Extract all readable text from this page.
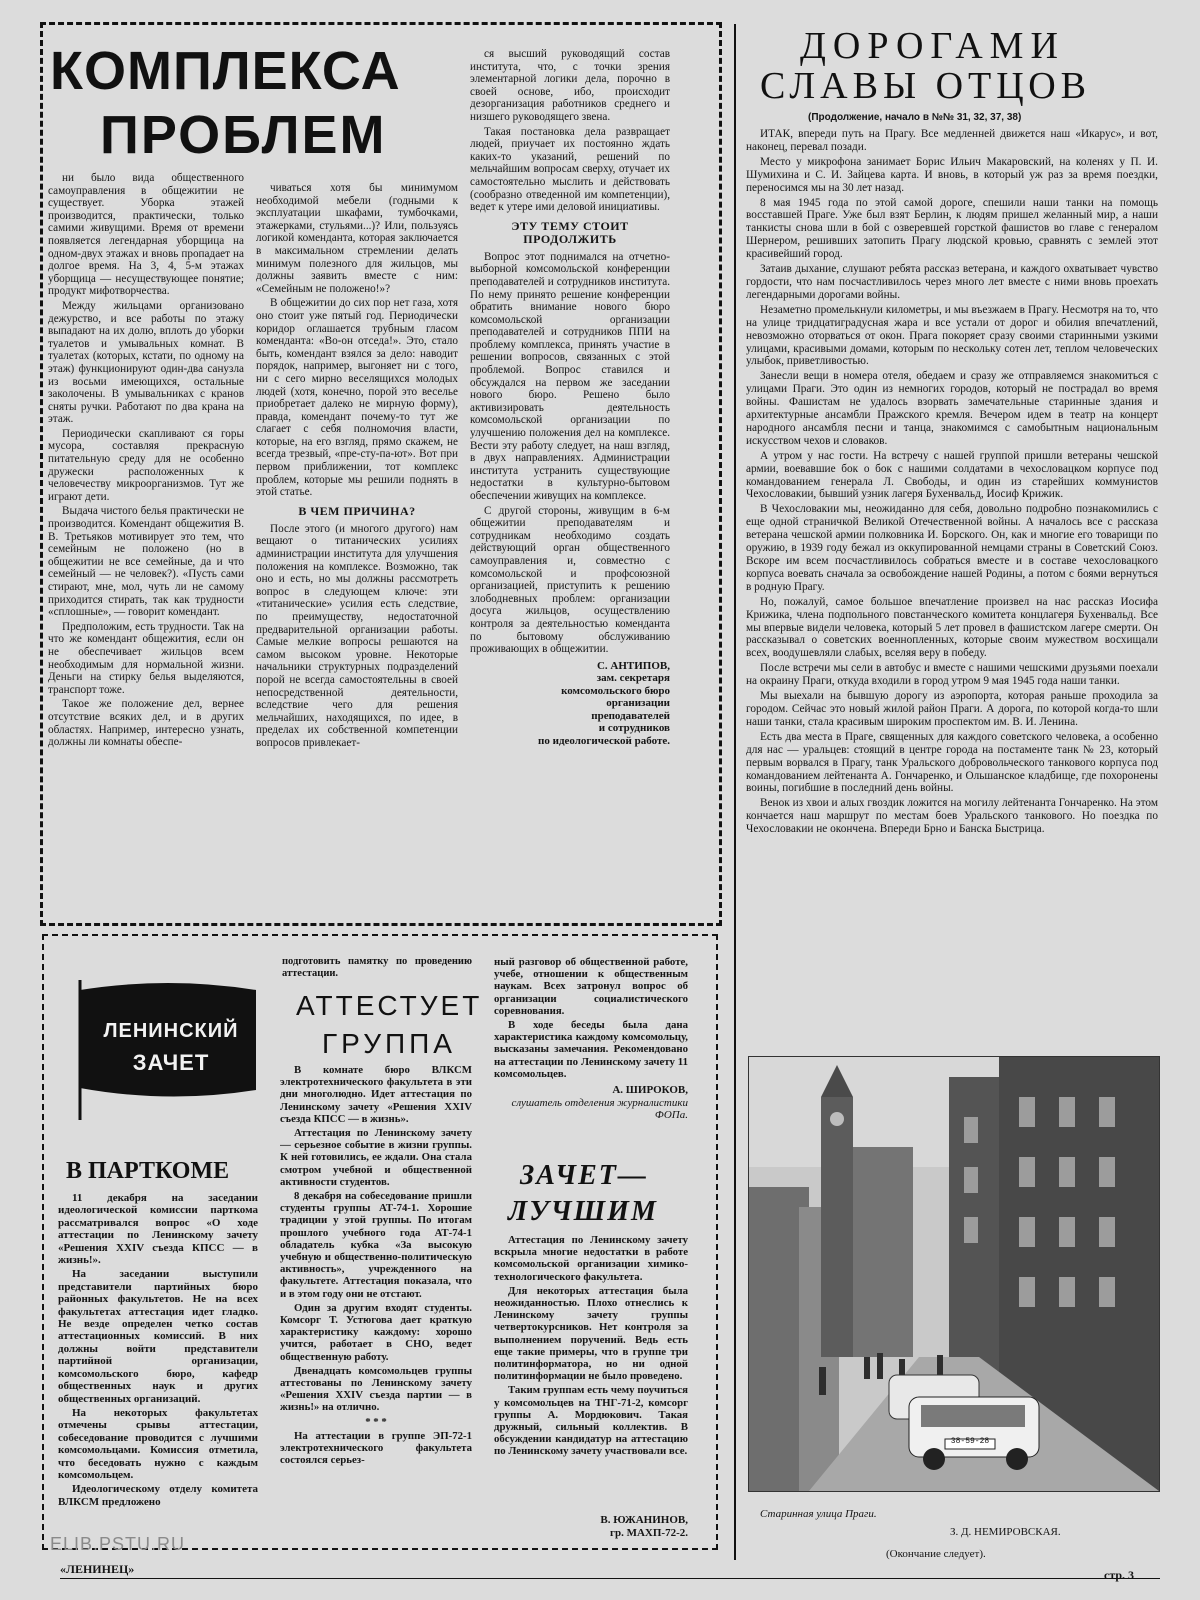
КОМПЛЕКСА
ПРОБЛЕМ

ни было вида общественного самоуправления в общежитии не существует. Уборка этажей производится, практически, только самими живущими. Время от времени появляется легендарная уборщица на одном-двух этажах и вновь пропадает на долгое время. На 3, 4, 5-м этажах уборщица — несуществующее понятие; продукт мифотворчества.

Между жильцами организовано дежурство, и все работы по этажу выпадают на их долю, вплоть до уборки туалетов и умывальных комнат. В туалетах (которых, кстати, по одному на этаж) функционируют один-два санузла из восьми имеющихся, остальные заколочены. В умывальниках с кранов сняты ручки. Работают по два крана на этаж.

Периодически скапливают ся горы мусора, составляя прекрасную питательную среду для не особенно дружески расположенных к человечеству микроорганизмов. Тут же играют дети.

Выдача чистого белья практически не производится. Комендант общежития В. В. Третьяков мотивирует это тем, что семейным не положено (но в общежитии не все семейные, да и что семейный — не человек?). «Пусть сами стирают, мне, мол, чуть ли не самому приходится стирать, так как трудности «сплошные», — говорит комендант.

Предположим, есть трудности. Так на что же комендант общежития, если он не обеспечивает жильцов всем необходимым для нормальной жизни. Деньги на стирку белья выделяются, транспорт тоже.

Такое же положение дел, вернее отсутствие всяких дел, и в других областях. Например, интересно узнать, должны ли комнаты обеспе-

чиваться хотя бы минимумом необходимой мебели (годными к эксплуатации шкафами, тумбочками, этажерками, стульями...)? Или, пользуясь логикой коменданта, которая заключается в максимальном стремлении делать минимум полезного для жильцов, мы должны заявить вместе с ним: «Семейным не положено!»?

В общежитии до сих пор нет газа, хотя оно стоит уже пятый год. Периодически коридор оглашается трубным гласом коменданта: «Во-он отседа!». Это, стало быть, комендант взялся за дело: наводит порядок, например, выгоняет ни с того, ни с сего мирно веселящихся молодых людей (хотя, конечно, порой это веселье приобретает далеко не мирную форму), правда, комендант почему-то тут же слагает с себя полномочия власти, которые, на его взгляд, прямо скажем, не всегда трезвый, «пре-сту-па-ют». Вот при первом приближении, тот комплекс проблем, которые мы решили поднять в этой статье.

В ЧЕМ ПРИЧИНА?

После этого (и многого другого) нам вещают о титанических усилиях администрации института для улучшения положения на комплексе. Возможно, так оно и есть, но мы должны рассмотреть вопрос в следующем ключе: эти «титанические» усилия есть следствие, по преимуществу, недостаточной предварительной организации работы. Самые мелкие вопросы решаются на самом высоком уровне. Некоторые начальники структурных подразделений порой не всегда самостоятельны в своей непосредственной деятельности, вследствие чего для решения мельчайших, находящихся, по идее, в пределах их собственной компетенции вопросов привлекает-

ся высший руководящий состав института, что, с точки зрения элементарной логики дела, порочно в своей основе, ибо, происходит дезорганизация работников среднего и низшего руководящего звена.

Такая постановка дела развращает людей, приучает их постоянно ждать каких-то указаний, решений по мельчайшим вопросам сверху, отучает их самостоятельно мыслить и действовать (сообразно отведенной им компетенции), ведет к утере ими деловой инициативы.

ЭТУ ТЕМУ СТОИТ ПРОДОЛЖИТЬ

Вопрос этот поднимался на отчетно-выборной комсомольской конференции преподавателей и сотрудников института. По нему принято решение конференции обратить внимание нового бюро комсомольской организации преподавателей и сотрудников ППИ на проблему комплекса, принять участие в решении вопросов, связанных с этой проблемой. Вопрос ставился и обсуждался на первом же заседании нового бюро. Решено было активизировать деятельность комсомольской организации по улучшению положения дел на комплексе. Вести эту работу следует, на наш взгляд, в двух направлениях. Администрации института устранить существующие недостатки в культурно-бытовом обеспечении живущих на комплексе.

С другой стороны, живущим в 6-м общежитии преподавателям и сотрудникам необходимо создать действующий орган общественного самоуправления и, совместно с комсомольской и профсоюзной организацией, приступить к решению злободневных проблем: организации досуга жильцов, осуществлению контроля за деятельностью коменданта по бытовому обслуживанию проживающих в общежитии.

С. АНТИПОВ,
зам. секретаря
комсомольского бюро
организации
преподавателей
и сотрудников
по идеологической работе.
ДОРОГАМИ
СЛАВЫ ОТЦОВ
(Продолжение, начало в №№ 31, 32, 37, 38)

ИТАК, впереди путь на Прагу. Все медленней движется наш «Икарус», и вот, наконец, перевал позади.

Место у микрофона занимает Борис Ильич Макаровский, на коленях у П. И. Шумихина и С. И. Зайцева карта. И вновь, в который уж раз за время поездки, переносимся мы на 30 лет назад.

8 мая 1945 года по этой самой дороге, спешили наши танки на помощь восставшей Праге. Уже был взят Берлин, к людям пришел желанный мир, а наши танкисты снова шли в бой с озверевшей горсткой фашистов во главе с генералом Шернером, решивших затопить Прагу людской кровью, сравнять с землей этот красивейший город.

Затаив дыхание, слушают ребята рассказ ветерана, и каждого охватывает чувство гордости, что нам посчастливилось через много лет вместе с ними вновь проехать легендарными дорогами войны.

Незаметно промелькнули километры, и мы въезжаем в Прагу. Несмотря на то, что на улице тридцатиградусная жара и все устали от дорог и обилия впечатлений, невозможно оторваться от окон. Прага покоряет сразу своими старинными узкими улицами, красивыми домами, которым по нескольку сотен лет, теплом человеческих улыбок, приветливостью.

Занесли вещи в номера отеля, обедаем и сразу же отправляемся знакомиться с улицами Праги. Это один из немногих городов, который не пострадал во время войны. Фашистам не удалось взорвать замечательные старинные здания и архитектурные ансамбли Пражского кремля. Вечером идем в театр на концерт народного ансамбля песни и танца, знакомимся с самобытным национальным искусством чехов и словаков.

А утром у нас гости. На встречу с нашей группой пришли ветераны чешской армии, воевавшие бок о бок с нашими солдатами в чехословацком корпусе под командованием генерала Л. Свободы, и один из старейших коммунистов Чехословакии, бывший узник лагеря Бухенвальд, Иосиф Крижик.

В Чехословакии мы, неожиданно для себя, довольно подробно познакомились с еще одной страничкой Великой Отечественной войны. А началось все с рассказа ветерана чешской армии полковника И. Борского. Он, как и многие его товарищи по оружию, в 1939 году бежал из оккупированной немцами страны в Советский Союз. Вскоре им всем посчастливилось собраться вместе и в составе чехословацкого корпуса воевать сначала за освобождение нашей Родины, а потом с боями вернуться в родную Прагу.

Но, пожалуй, самое большое впечатление произвел на нас рассказ Иосифа Крижика, члена подпольного повстанческого комитета концлагеря Бухенвальд. Все мы впервые видели человека, который 5 лет провел в фашистском лагере смерти. Он рассказывал о советских военнопленных, которые своим мужеством восхищали всех, воодушевляли слабых, вселяя веру в победу.

После встречи мы сели в автобус и вместе с нашими чешскими друзьями поехали на окраину Праги, откуда входили в город утром 9 мая 1945 года наши танки.

Мы выехали на бывшую дорогу из аэропорта, которая раньше проходила за городом. Сейчас это новый жилой район Праги. А дорога, по которой когда-то шли наши танки, стала красивым широким проспектом им. В. И. Ленина.

Есть два места в Праге, священных для каждого советского человека, а особенно для нас — уральцев: стоящий в центре города на постаменте танк № 23, который первым ворвался в Прагу, танк Уральского добровольческого танкового корпуса под командованием лейтенанта А. Гончаренко, и Ольшанское кладбище, где похоронены воины, погибшие в последний день войны.

Венок из хвои и алых гвоздик ложится на могилу лейтенанта Гончаренко. На этом кончается наш маршрут по местам боев Уральского танкового. Но поездка по Чехословакии не окончена. Впереди Брно и Банска Быстрица.

38-59-28
Старинная улица Праги.
З. Д. НЕМИРОВСКАЯ.
(Окончание следует).
ЛЕНИНСКИЙ
ЗАЧЕТ
В ПАРТКОМЕ

11 декабря на заседании идеологической комиссии парткома рассматривался вопрос «О ходе аттестации по Ленинскому зачету «Решения XXIV съезда КПСС — в жизнь!».

На заседании выступили представители партийных бюро районных факультетов. Не на всех факультетах аттестация идет гладко. Не везде определен четко состав аттестационных комиссий. В них должны войти представители партийной организации, комсомольского бюро, кафедр общественных наук и других общественных организаций.

На некоторых факультетах отмечены срывы аттестации, собеседование проводится с лучшими комсомольцами. Комиссия отметила, что беседовать нужно с каждым комсомольцем.

Идеологическому отделу комитета ВЛКСМ предложено

подготовить памятку по проведению аттестации.

АТТЕСТУЕТ
ГРУППА

В комнате бюро ВЛКСМ электротехнического факультета в эти дни многолюдно. Идет аттестация по Ленинскому зачету «Решения XXIV съезда КПСС — в жизнь».

Аттестация по Ленинскому зачету — серьезное событие в жизни группы. К ней готовились, ее ждали. Она стала смотром учебной и общественной активности студентов.

8 декабря на собеседование пришли студенты группы АТ-74-1. Хорошие традиции у этой группы. По итогам прошлого учебного года АТ-74-1 обладатель кубка «За высокую учебную и общественно-политическую активность», учрежденного на факультете. Аттестация показала, что и в этом году они не отстают.

Один за другим входят студенты. Комсорг Т. Устюгова дает краткую характеристику каждому: хорошо учится, работает в СНО, ведет общественную работу.

Двенадцать комсомольцев группы аттестованы по Ленинскому зачету «Решения XXIV съезда партии — в жизнь!» на отлично.

* * *

На аттестации в группе ЭП-72-1 электротехнического факультета состоялся серьез-

ный разговор об общественной работе, учебе, отношении к общественным наукам. Всех затронул вопрос об организации социалистического соревнования.

В ходе беседы была дана характеристика каждому комсомольцу, высказаны замечания. Рекомендовано на аттестации по Ленинскому зачету 11 комсомольцев.

А. ШИРОКОВ,
слушатель отделения журналистики ФОПа.
ЗАЧЕТ—
ЛУЧШИМ

Аттестация по Ленинскому зачету вскрыла многие недостатки в работе комсомольской организации химико-технологического факультета.

Для некоторых аттестация была неожиданностью. Плохо отнеслись к Ленинскому зачету группы четвертокурсников. Нет контроля за выполнением поручений. Ведь есть еще такие примеры, что в группе три политинформатора, но ни одной политинформации не было проведено.

Таким группам есть чему поучиться у комсомольцев на ТНГ-71-2, комсорг группы А. Мордюкович. Такая дружный, сильный коллектив. В обсуждении кандидатур на аттестацию по Ленинскому зачету участвовали все.

В. ЮЖАНИНОВ,
гр. МАХП-72-2.
ELIB.PSTU.RU
«ЛЕНИНЕЦ»	стр. 3
